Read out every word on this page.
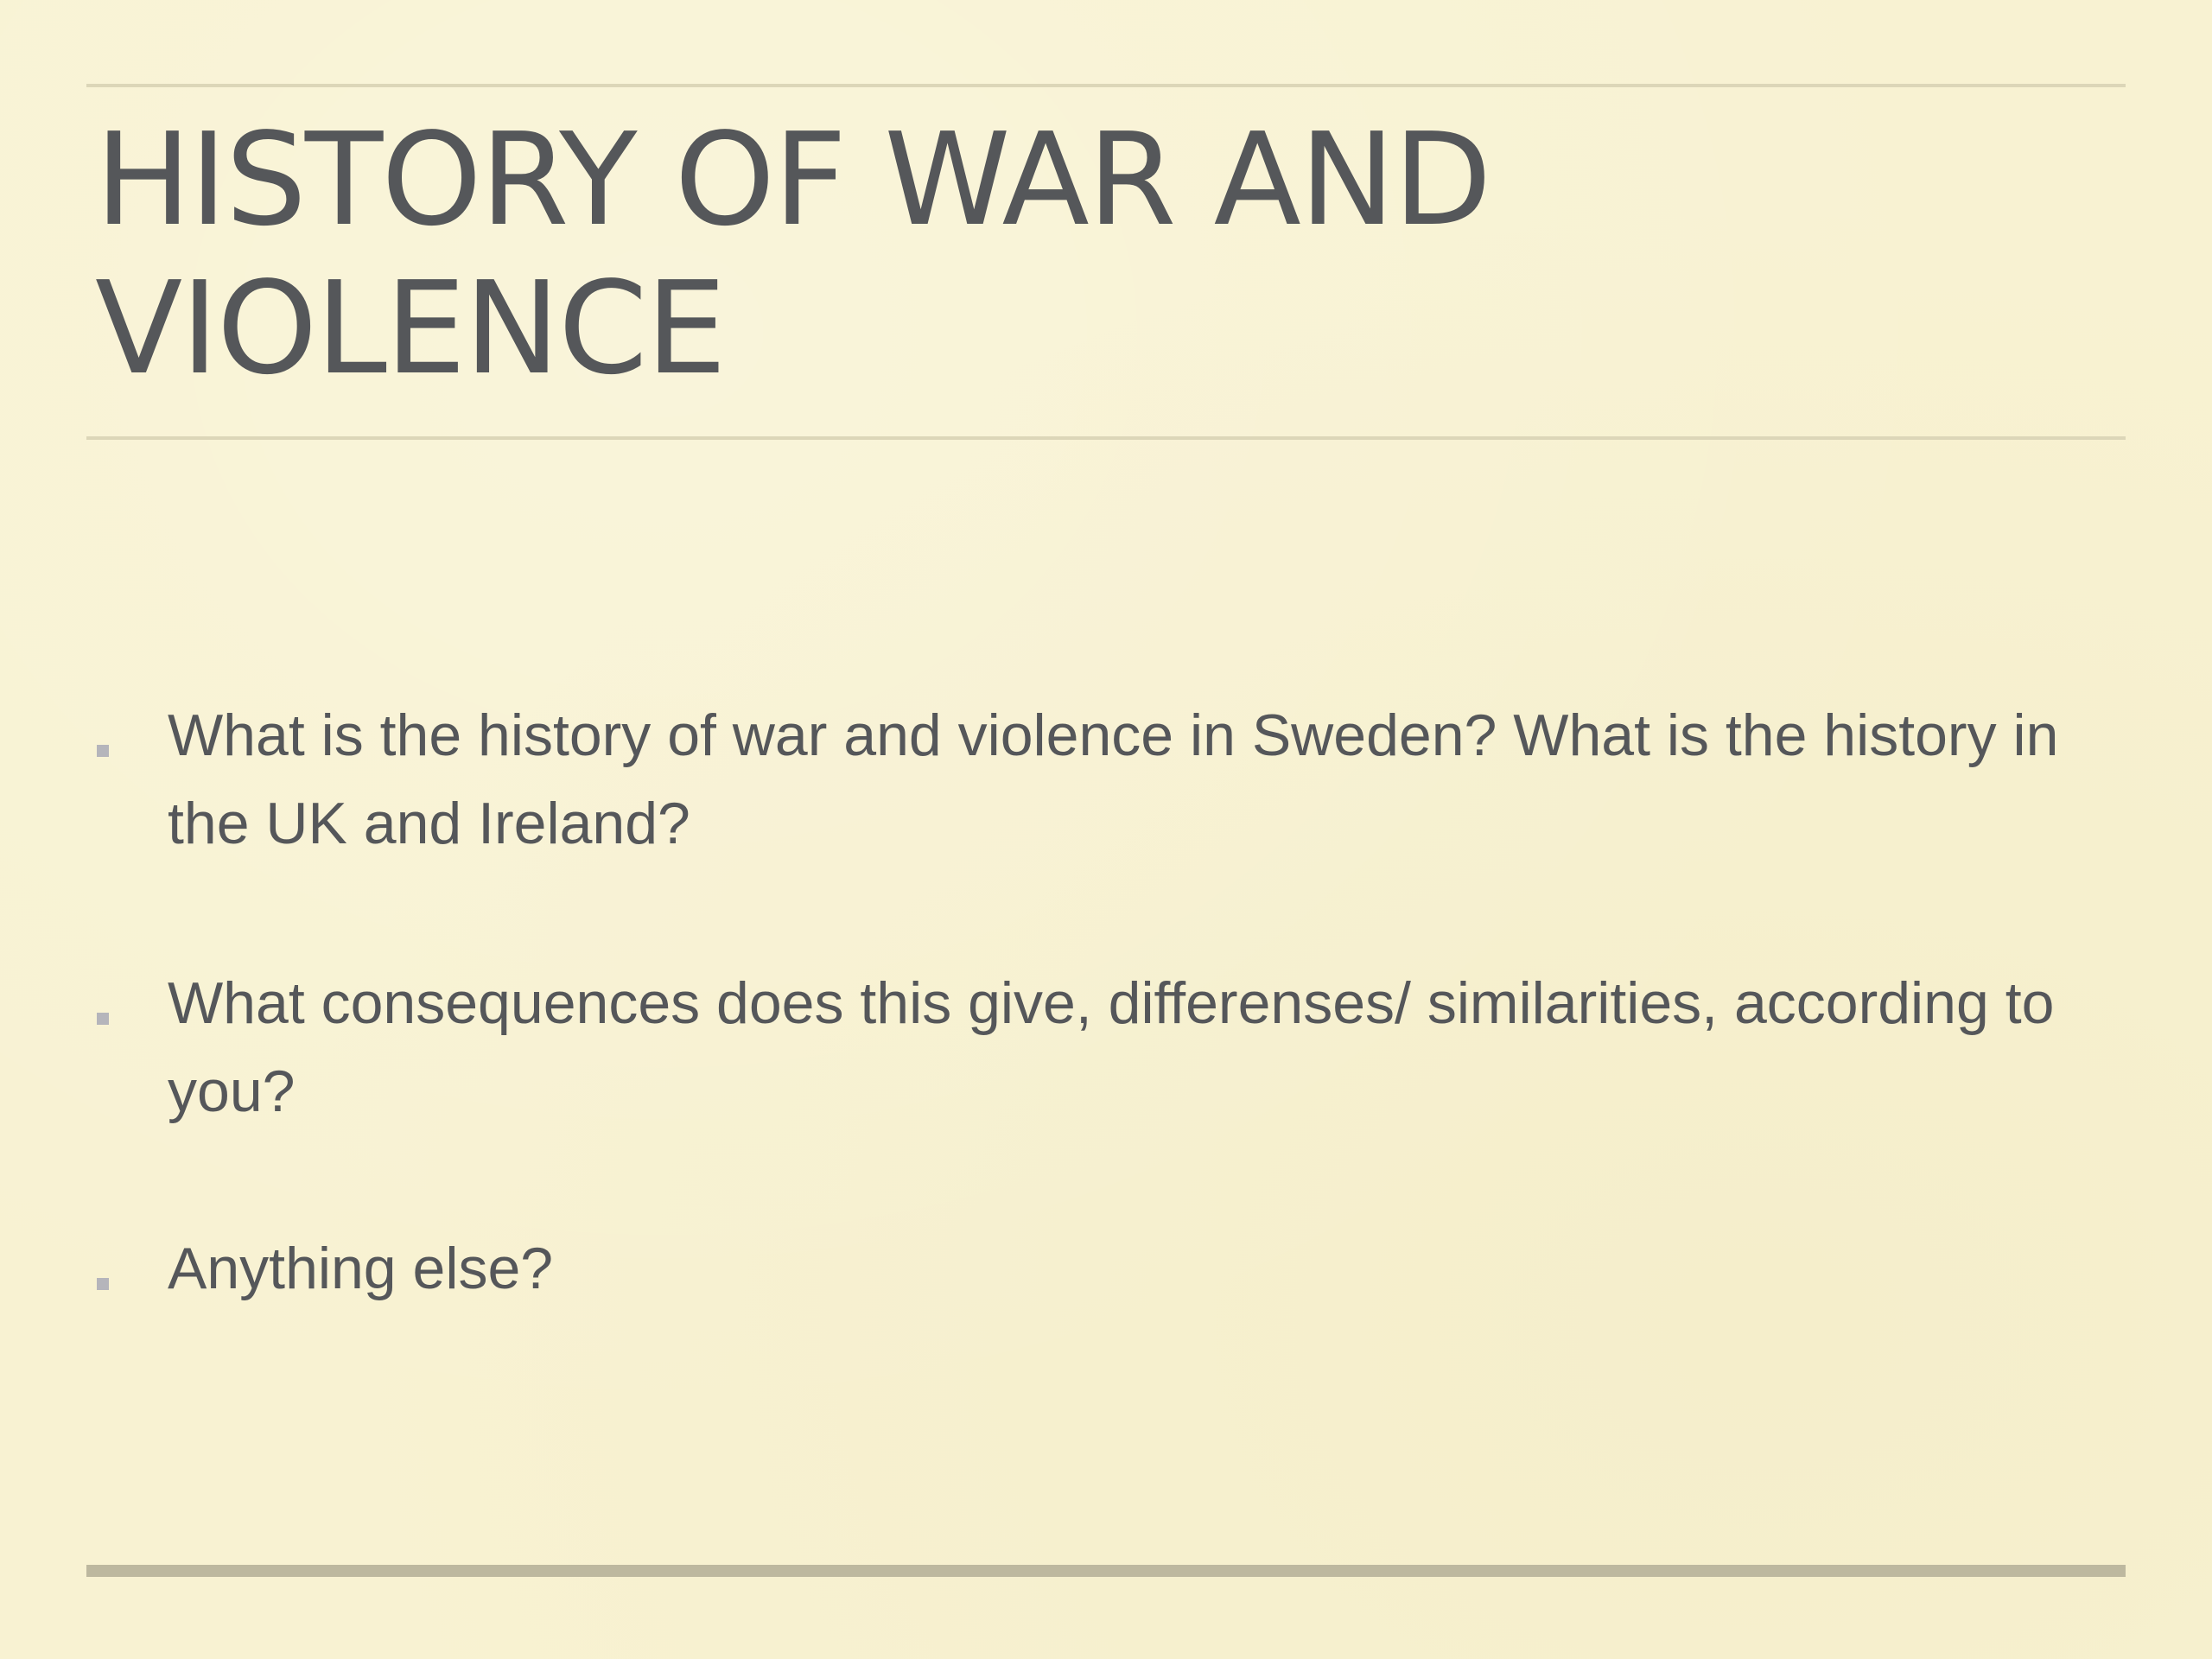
HISTORY OF WAR AND
VIOLENCE
What is the history of war and violence in Sweden? What is the history in the UK and Ireland?
What consequences does this give, differenses/ similarities, according to you?
Anything else?
